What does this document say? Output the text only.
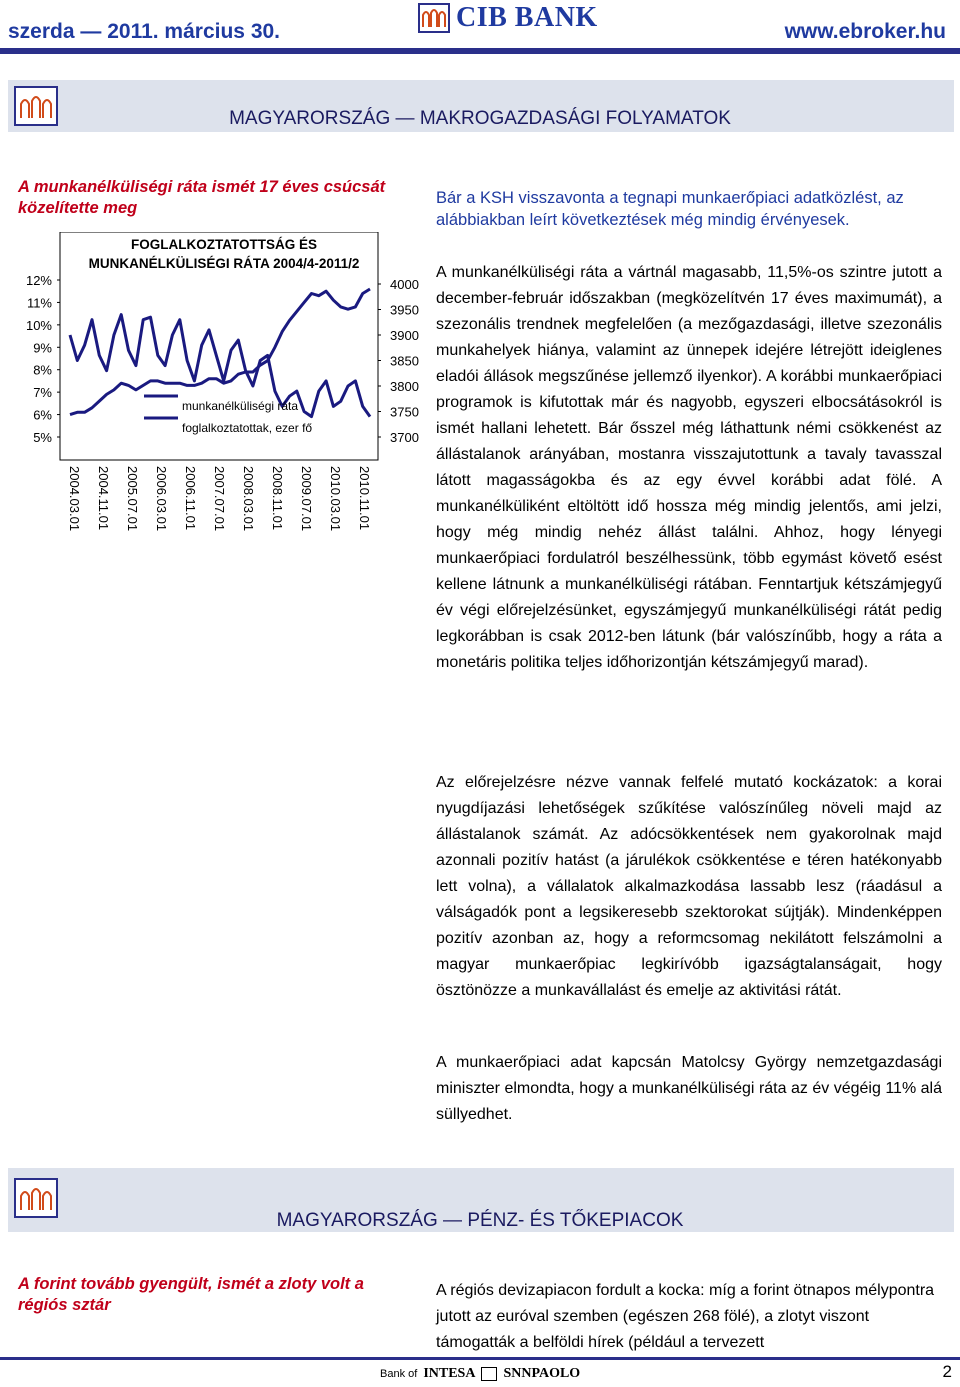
szerda — 2011. március 30.	CIB BANK	www.ebroker.hu
MAGYARORSZÁG — MAKROGAZDASÁGI FOLYAMATOK
A munkanélküliségi ráta ismét 17 éves csúcsát közelítette meg
12%
11%
10%
9%
8%
7%
6%
5%
4000
3950
3900
3850
3800
3750
3700
2004.03.01 2004.11.01 2005.07.01 2006.03.01 2006.11.01 2007.07.01 2008.03.01 2008.11.01 2009.07.01 2010.03.01 2010.11.01
FOGLALKOZTATOTTSÁG ÉS
MUNKANÉLKÜLISÉGI RÁTA 2004/4-2011/2
munkanélküliségi ráta
foglalkoztatottak, ezer fő
Bár a KSH visszavonta a tegnapi munkaerőpiaci adatközlést, az alábbiakban leírt következtések még mindig érvényesek.
A munkanélküliségi ráta a vártnál magasabb, 11,5%-os szintre jutott a december-február időszakban (megközelítvén 17 éves maximumát), a szezonális trendnek megfelelően (a mezőgazdasági, illetve szezonális munkahelyek hiánya, valamint az ünnepek idejére létrejött ideiglenes eladói állások megszűnése jellemző ilyenkor). A korábbi munkaerőpiaci programok is kifutottak már és nagyobb, egyszeri elbocsátásokról is ismét hallani lehetett. Bár ősszel még láthattunk némi csökkenést az állástalanok arányában, mostanra visszajutottunk a tavaly tavasszal látott magasságokba és az egy évvel korábbi adat fölé. A munkanélküliként eltöltött idő hossza még mindig jelentős, ami jelzi, hogy még mindig nehéz állást találni. Ahhoz, hogy lényegi munkaerőpiaci fordulatról beszélhessünk, több egymást követő esést kellene látnunk a munkanélküliségi rátában. Fenntartjuk kétszámjegyű év végi előrejelzésünket, egyszámjegyű munkanélküliségi rátát pedig legkorábban is csak 2012-ben látunk (bár valószínűbb, hogy a ráta a monetáris politika teljes időhorizontján kétszámjegyű marad).
Az előrejelzésre nézve vannak felfelé mutató kockázatok: a korai nyugdíjazási lehetőségek szűkítése valószínűleg növeli majd az állástalanok számát. Az adócsökkentések nem gyakorolnak majd azonnali pozitív hatást (a járulékok csökkentése e téren hatékonyabb lett volna), a vállalatok alkalmazkodása lassabb lesz (ráadásul a válságadók pont a legsikeresebb szektorokat sújtják). Mindenképpen pozitív azonban az, hogy a reformcsomag nekilátott felszámolni a magyar munkaerőpiac legkirívóbb igazságtalanságait, hogy ösztönözze a munkavállalást és emelje az aktivitási rátát.
A munkaerőpiaci adat kapcsán Matolcsy György nemzetgazdasági miniszter elmondta, hogy a munkanélküliségi ráta az év végéig 11% alá süllyedhet.
MAGYARORSZÁG — PÉNZ- ÉS TŐKEPIACOK
A forint tovább gyengült, ismét a zloty volt a régiós sztár
A régiós devizapiacon fordult a kocka: míg a forint ötnapos mélypontra jutott az euróval szemben (egészen 268 fölé), a zlotyt viszont támogatták a belföldi hírek (például a tervezett
Bank of INTESA SNNPAOLO	2
